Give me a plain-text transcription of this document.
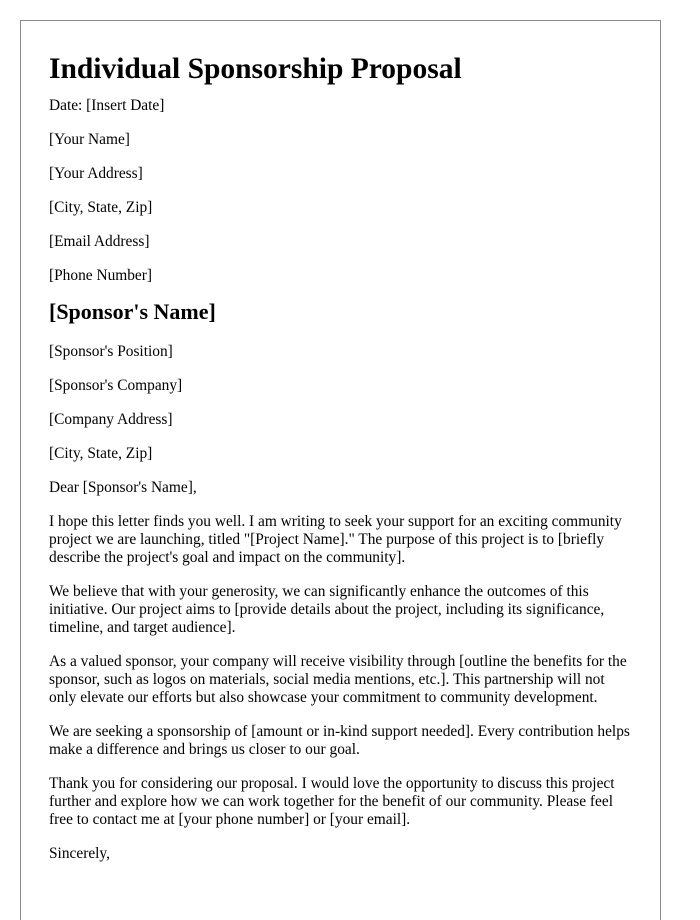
Individual Sponsorship Proposal

Date: [Insert Date]

[Your Name]

[Your Address]

[City, State, Zip]

[Email Address]

[Phone Number]

[Sponsor's Name]

[Sponsor's Position]

[Sponsor's Company]

[Company Address]

[City, State, Zip]

Dear [Sponsor's Name],

I hope this letter finds you well. I am writing to seek your support for an exciting community project we are launching, titled "[Project Name]." The purpose of this project is to [briefly describe the project's goal and impact on the community].

We believe that with your generosity, we can significantly enhance the outcomes of this initiative. Our project aims to [provide details about the project, including its significance, timeline, and target audience].

As a valued sponsor, your company will receive visibility through [outline the benefits for the sponsor, such as logos on materials, social media mentions, etc.]. This partnership will not only elevate our efforts but also showcase your commitment to community development.

We are seeking a sponsorship of [amount or in-kind support needed]. Every contribution helps make a difference and brings us closer to our goal.

Thank you for considering our proposal. I would love the opportunity to discuss this project further and explore how we can work together for the benefit of our community. Please feel free to contact me at [your phone number] or [your email].

Sincerely,
